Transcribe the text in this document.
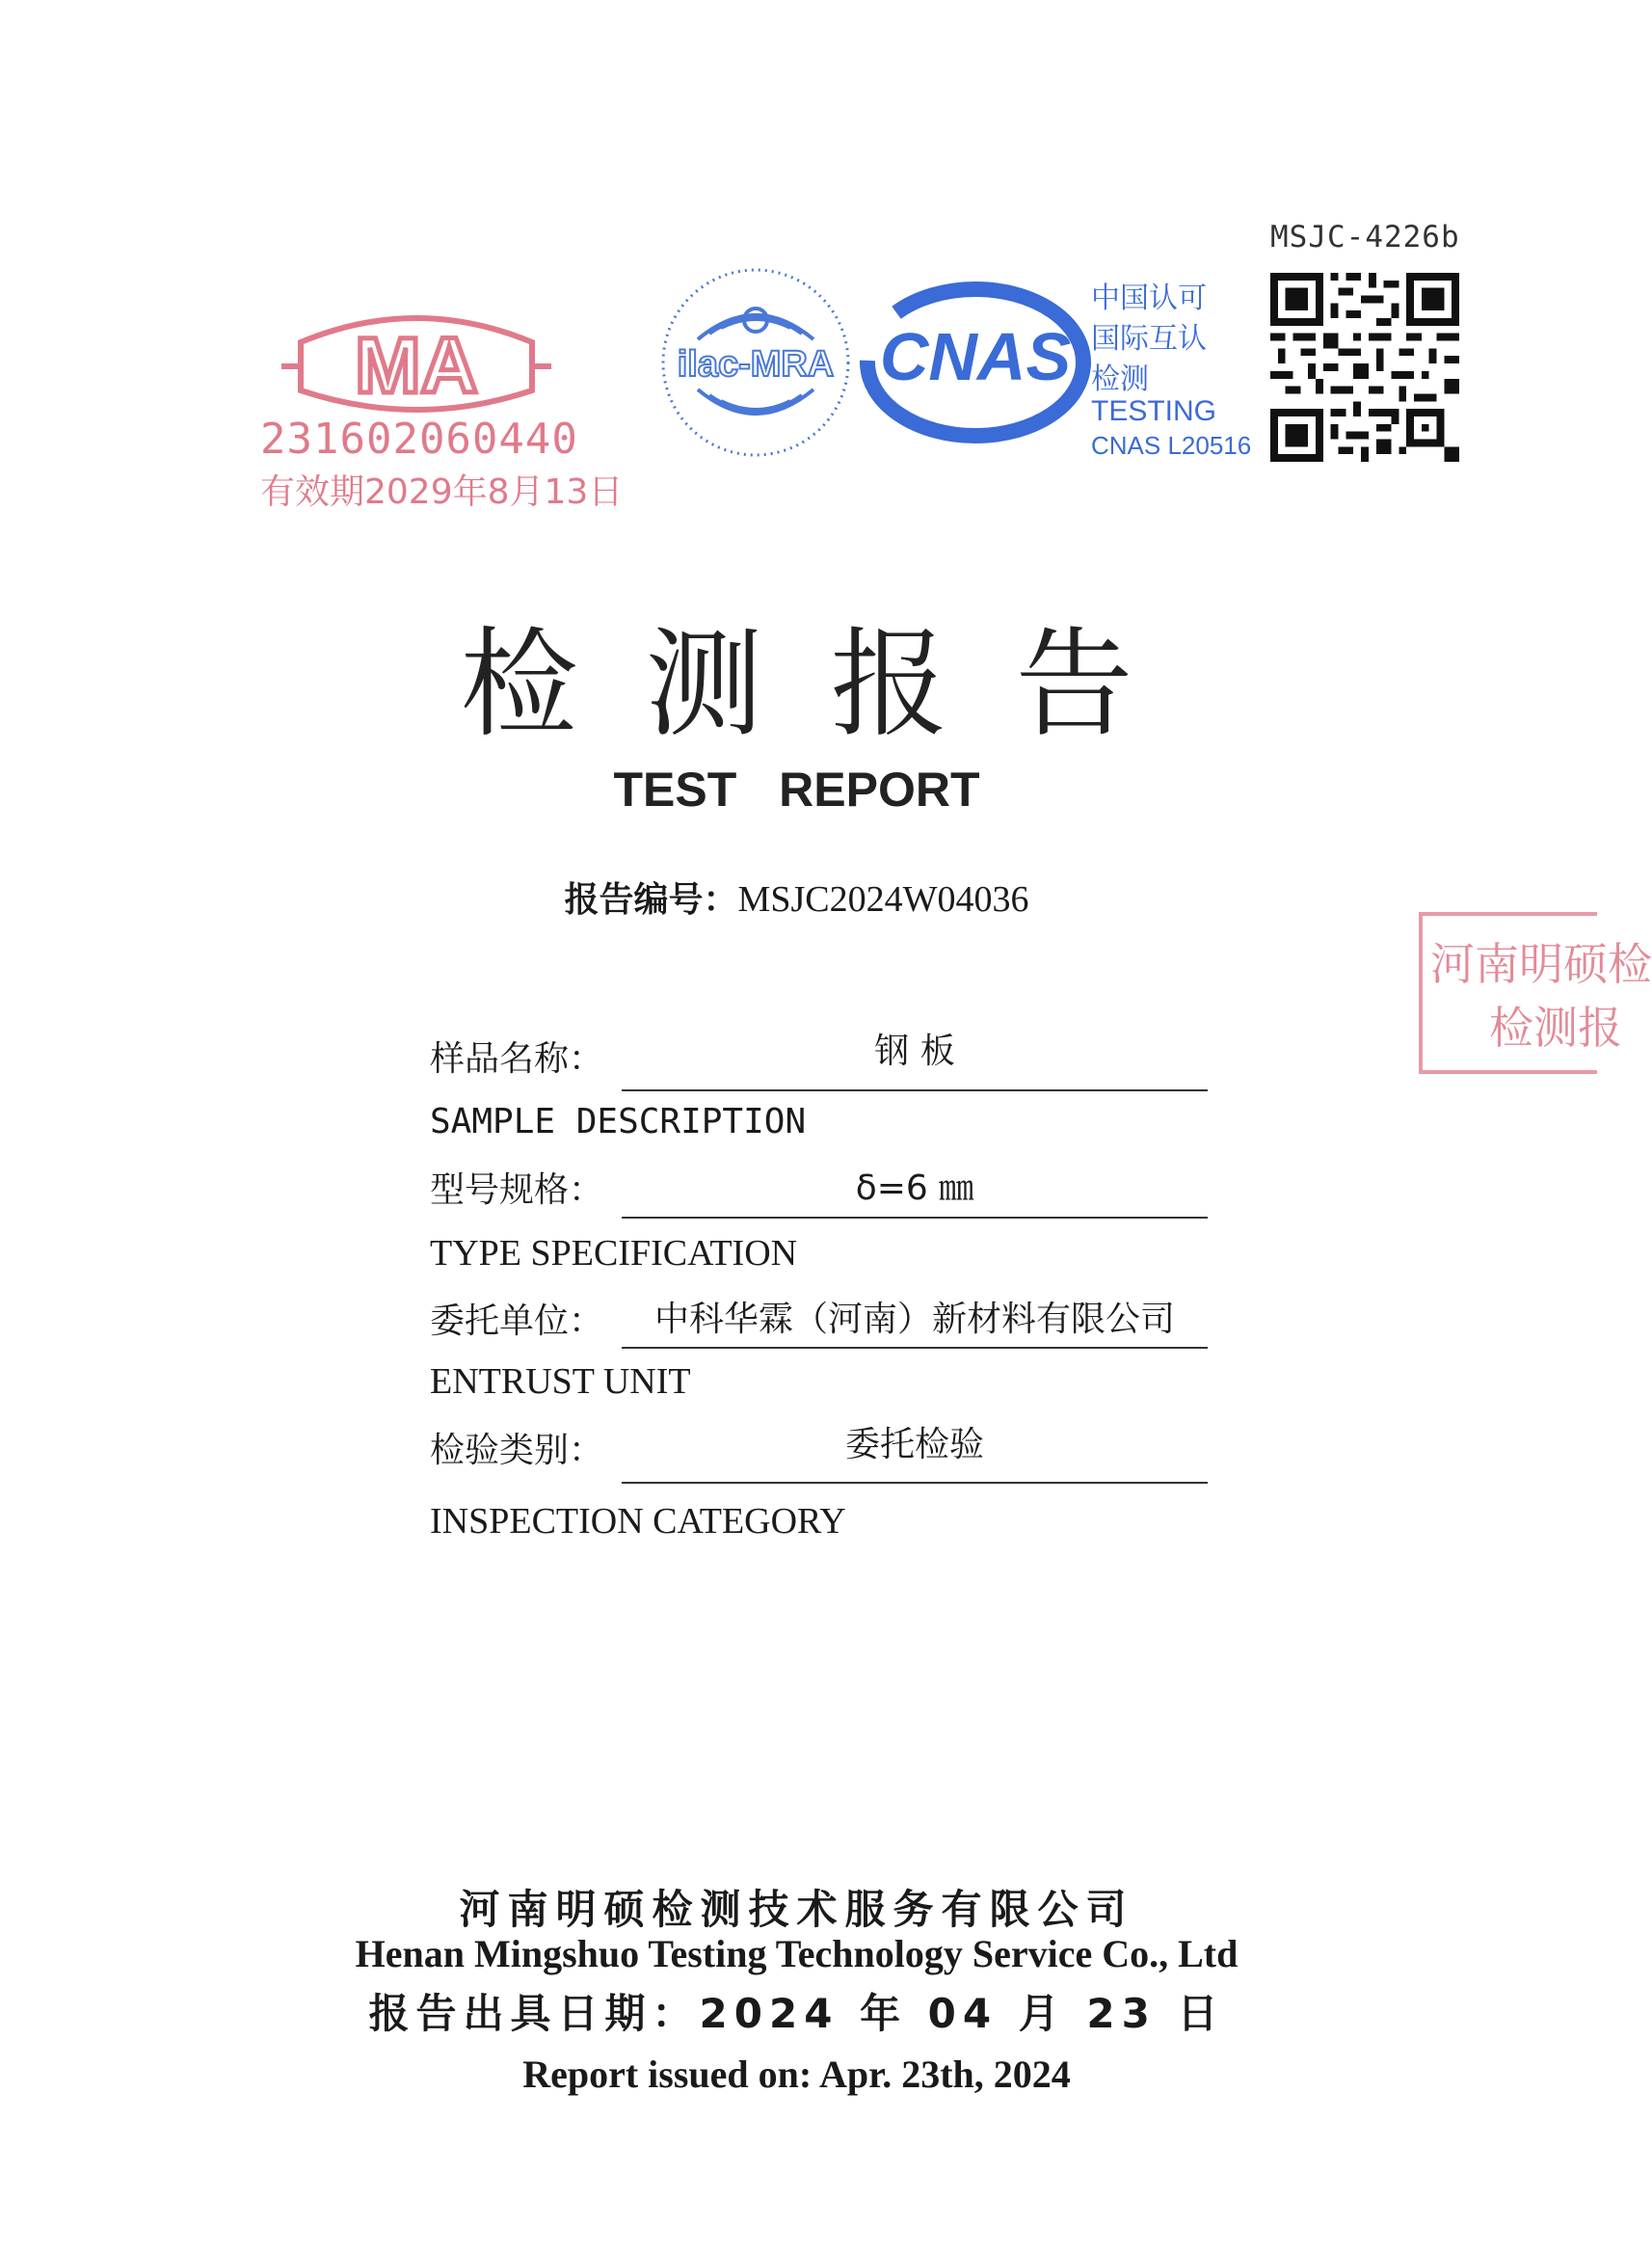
MSJC-4226b
MA
231602060440
有效期2029年8月13日
ilac-MRA CNAS
中国认可
国际互认
检测
TESTING
CNAS L20516
检测报告
TEST REPORT
报告编号：MSJC2024W04036
河南明硕检
检测报
样品名称：	钢 板
SAMPLE DESCRIPTION
型号规格：	δ=6 ㎜
TYPE SPECIFICATION
委托单位：	中科华霖（河南）新材料有限公司
ENTRUST UNIT
检验类别：	委托检验
INSPECTION CATEGORY
河南明硕检测技术服务有限公司
Henan Mingshuo Testing Technology Service Co., Ltd
报告出具日期：2024 年 04 月 23 日
Report issued on: Apr. 23th, 2024
